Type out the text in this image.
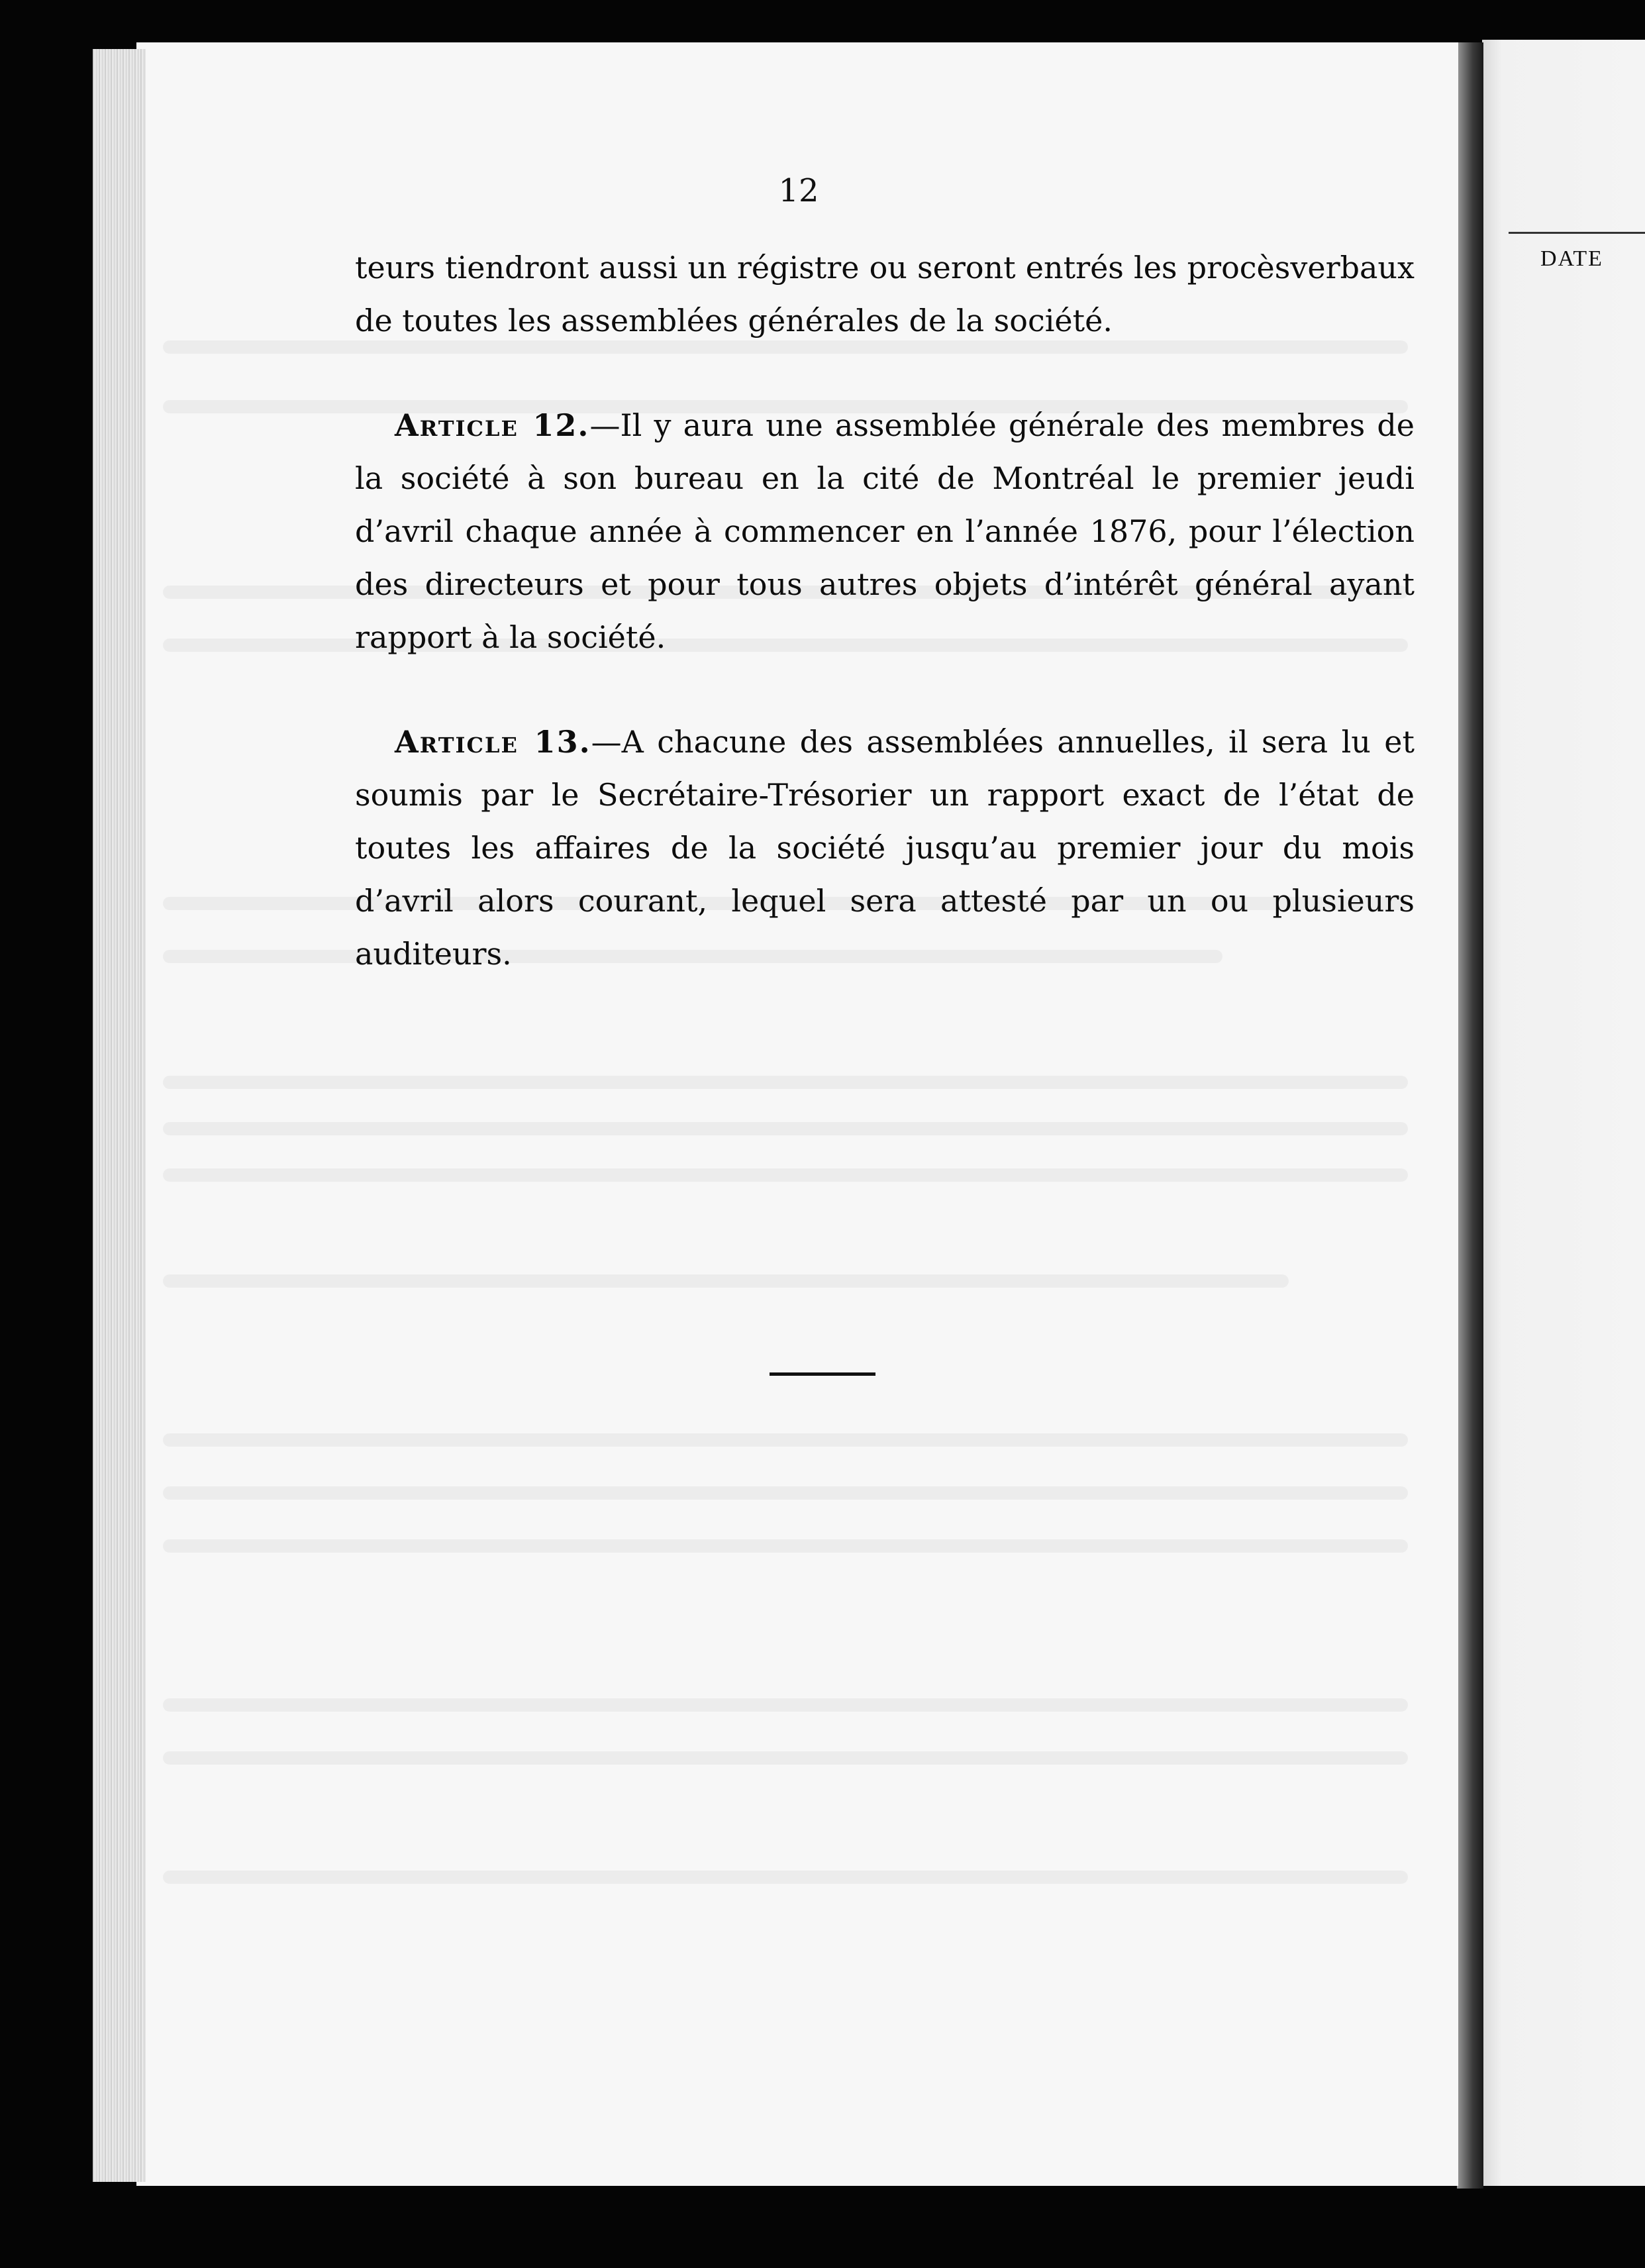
DATE
12

teurs tiendront aussi un régistre ou seront entrés les procèsverbaux de toutes les assemblées générales de la société.

Article 12.—Il y aura une assemblée générale des membres de la société à son bureau en la cité de Montréal le premier jeudi d’avril chaque année à commencer en l’année 1876, pour l’élection des directeurs et pour tous autres objets d’intérêt général ayant rapport à la société.

Article 13.—A chacune des assemblées annuelles, il sera lu et soumis par le Secrétaire-Trésorier un rapport exact de l’état de toutes les affaires de la société jusqu’au premier jour du mois d’avril alors courant, lequel sera attesté par un ou plusieurs auditeurs.
